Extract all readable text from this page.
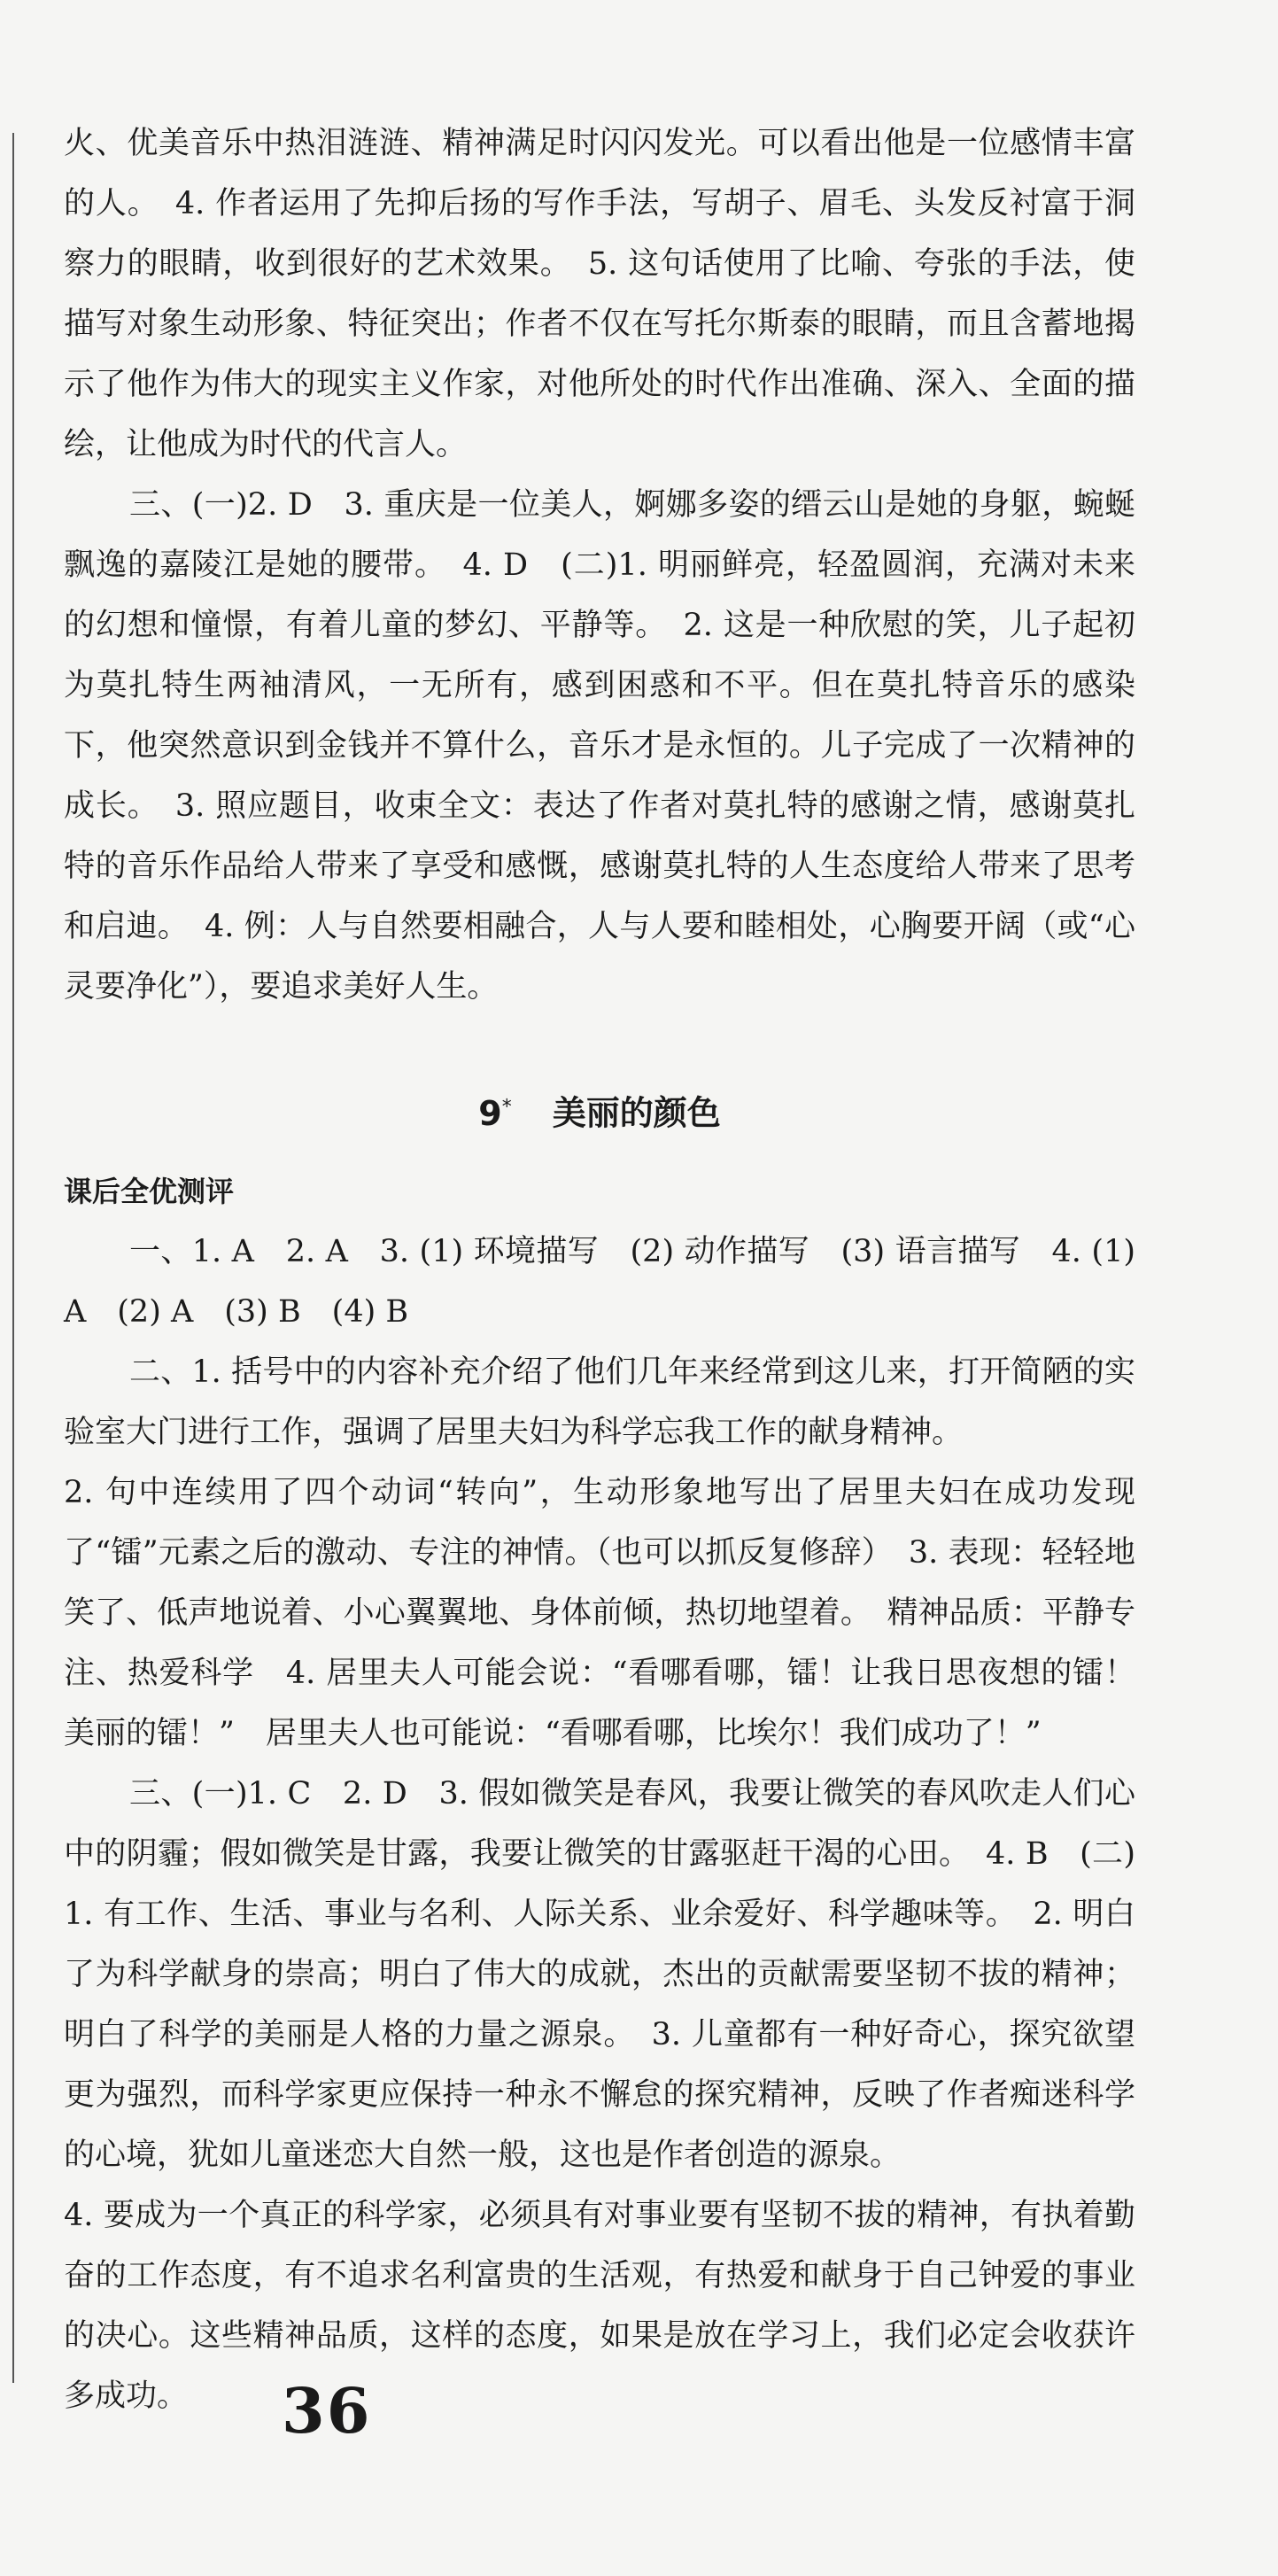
火、优美音乐中热泪涟涟、精神满足时闪闪发光。可以看出他是一位感情丰富的人。　4. 作者运用了先抑后扬的写作手法，写胡子、眉毛、头发反衬富于洞察力的眼睛，收到很好的艺术效果。　5. 这句话使用了比喻、夸张的手法，使描写对象生动形象、特征突出；作者不仅在写托尔斯泰的眼睛，而且含蓄地揭示了他作为伟大的现实主义作家，对他所处的时代作出准确、深入、全面的描绘，让他成为时代的代言人。

三、(一)2. D　3. 重庆是一位美人，婀娜多姿的缙云山是她的身躯，蜿蜒飘逸的嘉陵江是她的腰带。　4. D　(二)1. 明丽鲜亮，轻盈圆润，充满对未来的幻想和憧憬，有着儿童的梦幻、平静等。　2. 这是一种欣慰的笑，儿子起初为莫扎特生两袖清风，一无所有，感到困惑和不平。但在莫扎特音乐的感染下，他突然意识到金钱并不算什么，音乐才是永恒的。儿子完成了一次精神的成长。　3. 照应题目，收束全文：表达了作者对莫扎特的感谢之情，感谢莫扎特的音乐作品给人带来了享受和感慨，感谢莫扎特的人生态度给人带来了思考和启迪。　4. 例：人与自然要相融合，人与人要和睦相处，心胸要开阔（或“心灵要净化”），要追求美好人生。

9* 美丽的颜色
课后全优测评

一、1. A　2. A　3. (1) 环境描写　(2) 动作描写　(3) 语言描写　4. (1) A　(2) A　(3) B　(4) B

二、1. 括号中的内容补充介绍了他们几年来经常到这儿来，打开简陋的实验室大门进行工作，强调了居里夫妇为科学忘我工作的献身精神。

2. 句中连续用了四个动词“转向”，生动形象地写出了居里夫妇在成功发现了“镭”元素之后的激动、专注的神情。（也可以抓反复修辞）　3. 表现：轻轻地笑了、低声地说着、小心翼翼地、身体前倾，热切地望着。　精神品质：平静专注、热爱科学　4. 居里夫人可能会说：“看哪看哪，镭！让我日思夜想的镭！美丽的镭！”　居里夫人也可能说：“看哪看哪，比埃尔！我们成功了！”

三、(一)1. C　2. D　3. 假如微笑是春风，我要让微笑的春风吹走人们心中的阴霾；假如微笑是甘露，我要让微笑的甘露驱赶干渴的心田。　4. B　(二)1. 有工作、生活、事业与名利、人际关系、业余爱好、科学趣味等。　2. 明白了为科学献身的崇高；明白了伟大的成就，杰出的贡献需要坚韧不拔的精神；明白了科学的美丽是人格的力量之源泉。　3. 儿童都有一种好奇心，探究欲望更为强烈，而科学家更应保持一种永不懈怠的探究精神，反映了作者痴迷科学的心境，犹如儿童迷恋大自然一般，这也是作者创造的源泉。

4. 要成为一个真正的科学家，必须具有对事业要有坚韧不拔的精神，有执着勤奋的工作态度，有不追求名利富贵的生活观，有热爱和献身于自己钟爱的事业的决心。这些精神品质，这样的态度，如果是放在学习上，我们必定会收获许多成功。	36
